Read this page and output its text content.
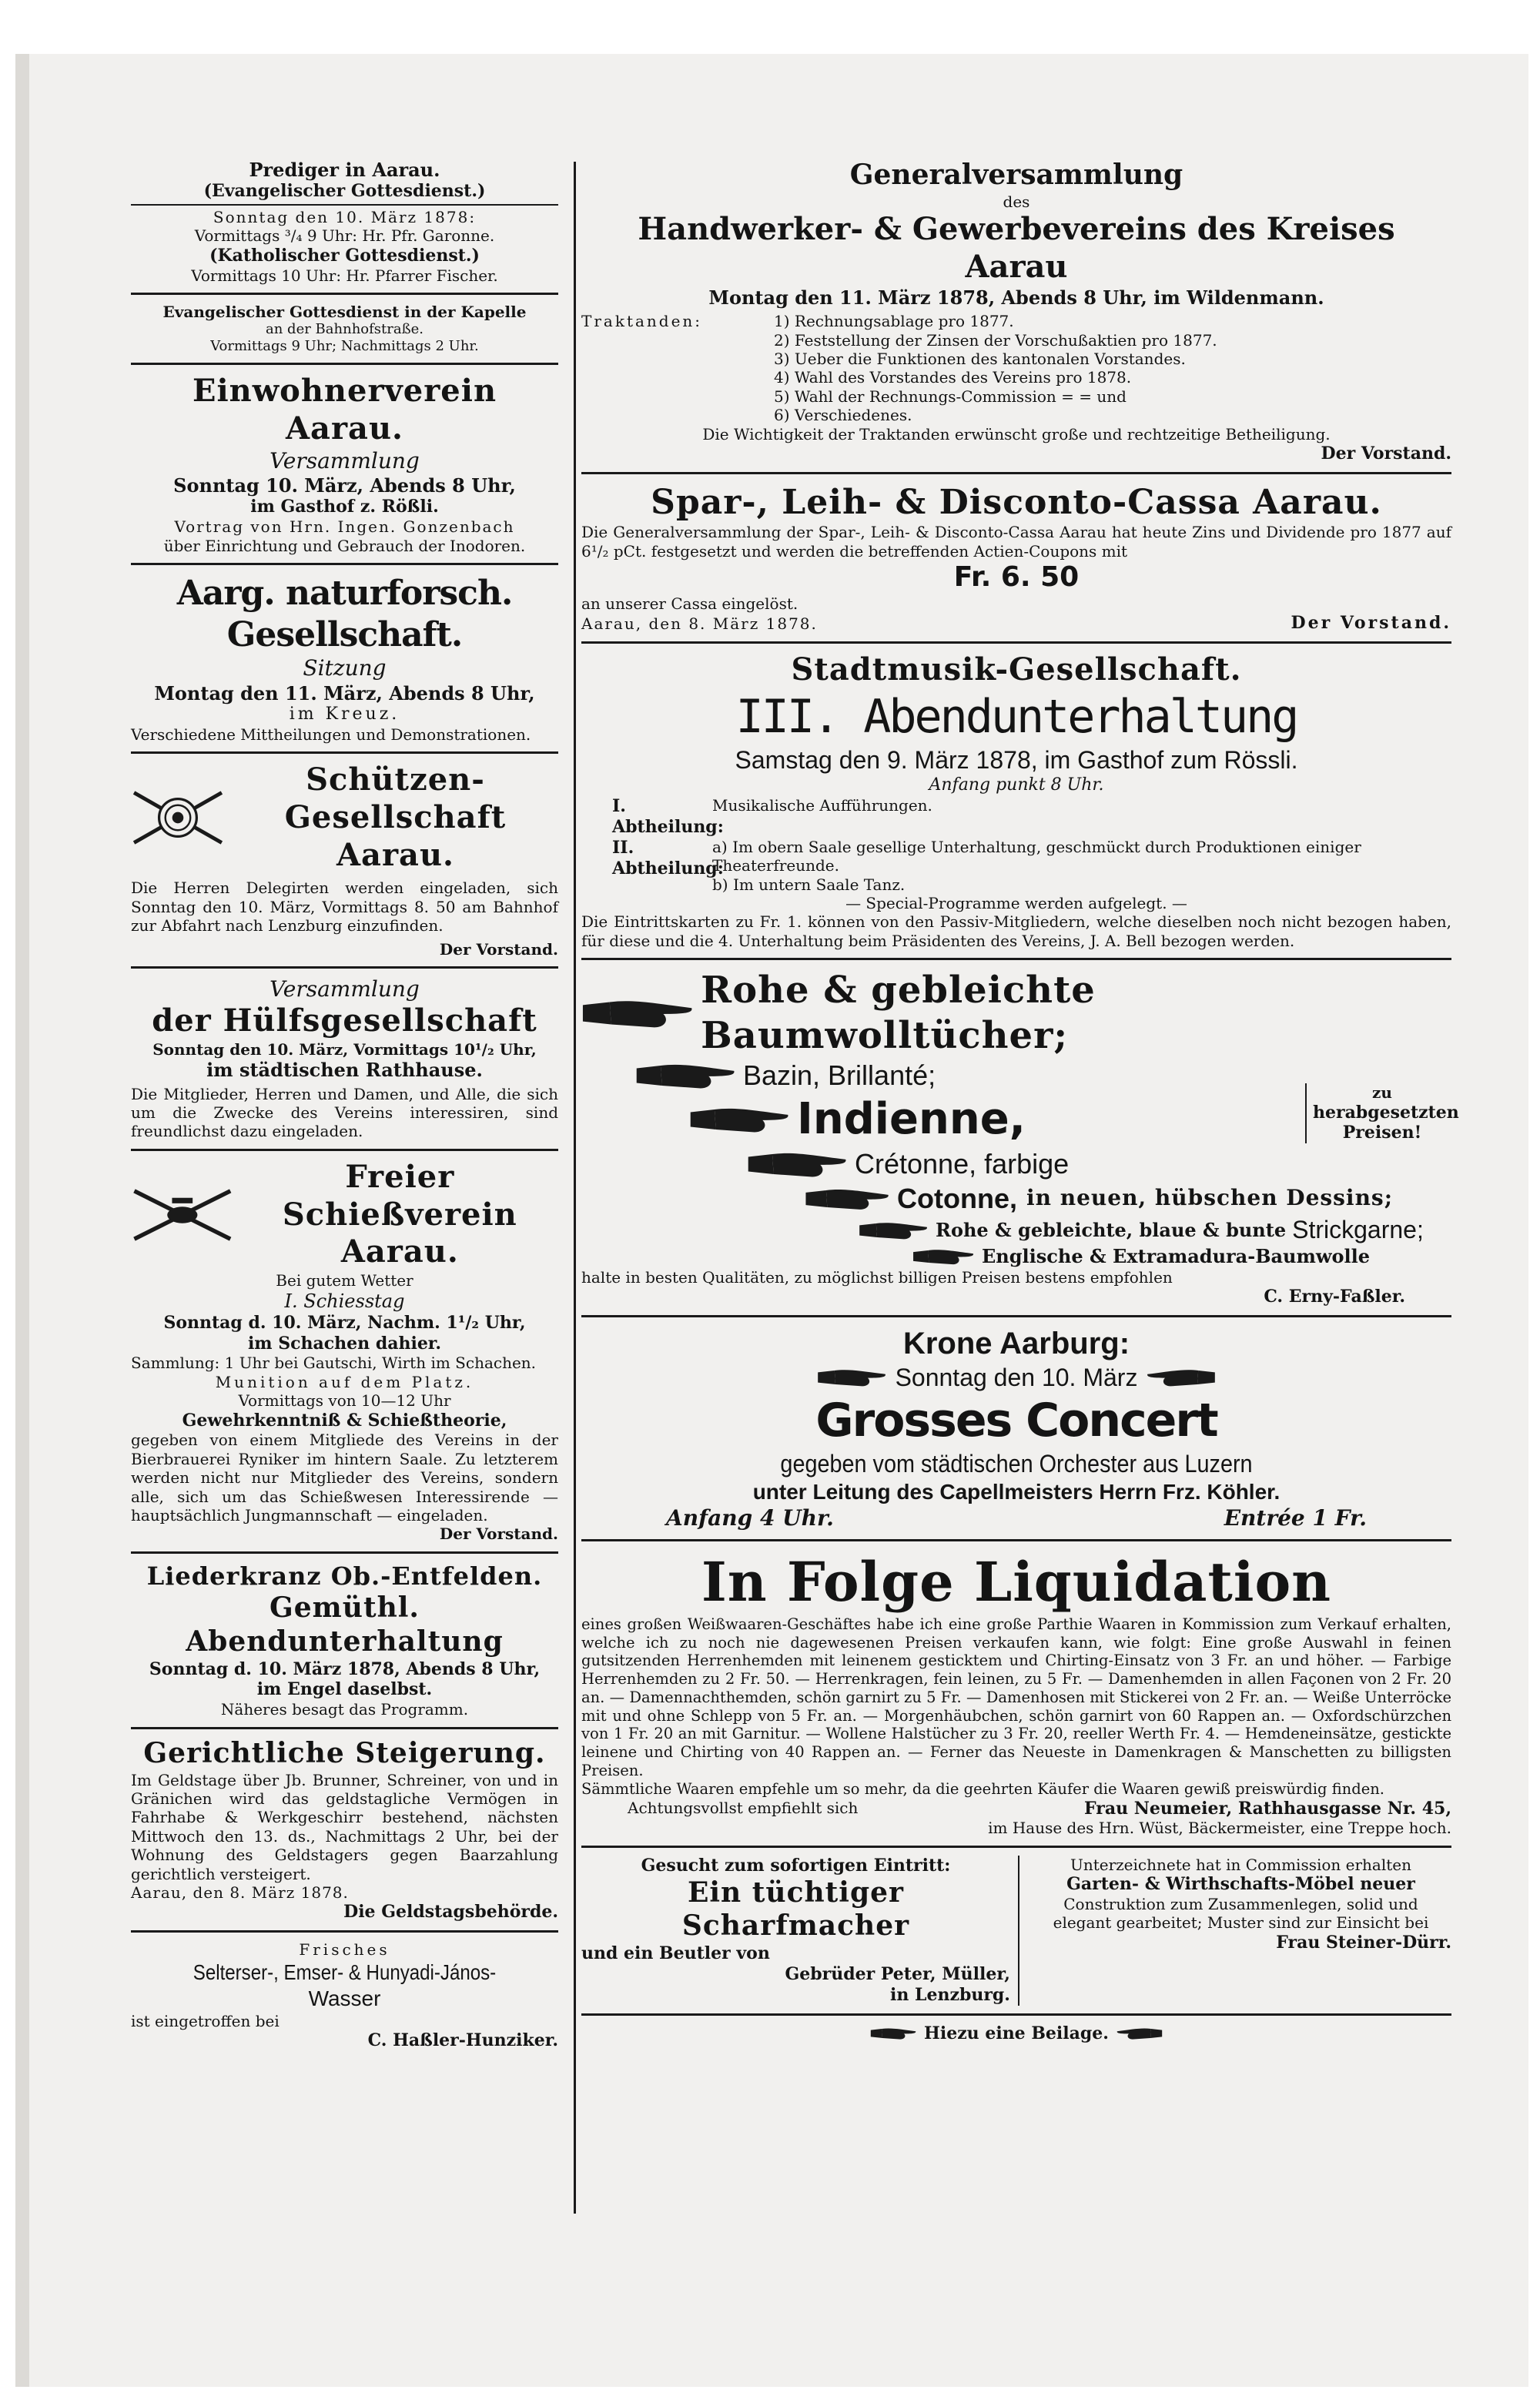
Prediger in Aarau.
(Evangelischer Gottesdienst.)
Sonntag den 10. März 1878:
Vormittags ³/₄ 9 Uhr: Hr. Pfr. Garonne.
(Katholischer Gottesdienst.)
Vormittags 10 Uhr: Hr. Pfarrer Fischer.
Evangelischer Gottesdienst in der Kapelle
an der Bahnhofstraße.
Vormittags 9 Uhr; Nachmittags 2 Uhr.
Einwohnerverein Aarau.
Versammlung
Sonntag 10. März, Abends 8 Uhr,
im Gasthof z. Rößli.
Vortrag von Hrn. Ingen. Gonzenbach
über Einrichtung und Gebrauch der Inodoren.
Aarg. naturforsch. Gesellschaft.
Sitzung
Montag den 11. März, Abends 8 Uhr,
im Kreuz.
Verschiedene Mittheilungen und Demonstrationen.
Schützen-Gesellschaft
Aarau.
Die Herren Delegirten werden eingeladen, sich Sonntag den 10. März, Vormittags 8. 50 am Bahnhof zur Abfahrt nach Lenzburg einzufinden.
Der Vorstand.
Versammlung
der Hülfsgesellschaft
Sonntag den 10. März, Vormittags 10¹/₂ Uhr,
im städtischen Rathhause.
Die Mitglieder, Herren und Damen, und Alle, die sich um die Zwecke des Vereins interessiren, sind freundlichst dazu eingeladen.
Freier Schießverein
Aarau.
Bei gutem Wetter
I. Schiesstag
Sonntag d. 10. März, Nachm. 1¹/₂ Uhr,
im Schachen dahier.
Sammlung: 1 Uhr bei Gautschi, Wirth im Schachen.
Munition auf dem Platz.
Vormittags von 10—12 Uhr
Gewehrkenntniß & Schießtheorie,
gegeben von einem Mitgliede des Vereins in der Bierbrauerei Ryniker im hintern Saale. Zu letzterem werden nicht nur Mitglieder des Vereins, sondern alle, sich um das Schießwesen Interessirende — hauptsächlich Jungmannschaft — eingeladen.
Der Vorstand.
Liederkranz Ob.-Entfelden.
Gemüthl. Abendunterhaltung
Sonntag d. 10. März 1878, Abends 8 Uhr,
im Engel daselbst.
Näheres besagt das Programm.
Gerichtliche Steigerung.
Im Geldstage über Jb. Brunner, Schreiner, von und in Gränichen wird das geldstagliche Vermögen in Fahrhabe & Werkgeschirr bestehend, nächsten Mittwoch den 13. ds., Nachmittags 2 Uhr, bei der Wohnung des Geldstagers gegen Baarzahlung gerichtlich versteigert.
Aarau, den 8. März 1878.
Die Geldstagsbehörde.
Frisches
Selterser-, Emser- & Hunyadi-János-
Wasser
ist eingetroffen bei
C. Haßler-Hunziker.
Generalversammlung
des
Handwerker- & Gewerbevereins des Kreises Aarau
Montag den 11. März 1878, Abends 8 Uhr, im Wildenmann.
Traktanden:	1) Rechnungsablage pro 1877.
2) Feststellung der Zinsen der Vorschußaktien pro 1877.
3) Ueber die Funktionen des kantonalen Vorstandes.
4) Wahl des Vorstandes des Vereins pro 1878.
5) Wahl der Rechnungs-Commission = = und
6) Verschiedenes.
Die Wichtigkeit der Traktanden erwünscht große und rechtzeitige Betheiligung.
Der Vorstand.
Spar-, Leih- & Disconto-Cassa Aarau.
Die Generalversammlung der Spar-, Leih- & Disconto-Cassa Aarau hat heute Zins und Dividende pro 1877 auf 6¹/₂ pCt. festgesetzt und werden die betreffenden Actien-Coupons mit
Fr. 6. 50
an unserer Cassa eingelöst.
Aarau, den 8. März 1878.	Der Vorstand.
Stadtmusik-Gesellschaft.
III. Abendunterhaltung
Samstag den 9. März 1878, im Gasthof zum Rössli.
Anfang punkt 8 Uhr.
I. Abtheilung:
Musikalische Aufführungen.
II. Abtheilung:
a) Im obern Saale gesellige Unterhaltung, geschmückt durch Produktionen einiger Theaterfreunde.
b) Im untern Saale Tanz.
— Special-Programme werden aufgelegt. —
Die Eintrittskarten zu Fr. 1. können von den Passiv-Mitgliedern, welche dieselben noch nicht bezogen haben, für diese und die 4. Unterhaltung beim Präsidenten des Vereins, J. A. Bell bezogen werden.
Rohe & gebleichte Baumwolltücher;
Bazin, Brillanté;
Indienne,
Crétonne, farbige
Cotonne, in neuen, hübschen Dessins;
Rohe & gebleichte, blaue & bunte Strickgarne;
Englische & Extramadura-Baumwolle
zu
herabgesetzten
Preisen!
halte in besten Qualitäten, zu möglichst billigen Preisen bestens empfohlen
C. Erny-Faßler.
Krone Aarburg:
Sonntag den 10. März
Grosses Concert
gegeben vom städtischen Orchester aus Luzern
unter Leitung des Capellmeisters Herrn Frz. Köhler.
Anfang 4 Uhr.	Entrée 1 Fr.
In Folge Liquidation
eines großen Weißwaaren-Geschäftes habe ich eine große Parthie Waaren in Kommission zum Verkauf erhalten, welche ich zu noch nie dagewesenen Preisen verkaufen kann, wie folgt: Eine große Auswahl in feinen gutsitzenden Herrenhemden mit leinenem gesticktem und Chirting-Einsatz von 3 Fr. an und höher. — Farbige Herrenhemden zu 2 Fr. 50. — Herrenkragen, fein leinen, zu 5 Fr. — Damenhemden in allen Façonen von 2 Fr. 20 an. — Damennachthemden, schön garnirt zu 5 Fr. — Damenhosen mit Stickerei von 2 Fr. an. — Weiße Unterröcke mit und ohne Schlepp von 5 Fr. an. — Morgenhäubchen, schön garnirt von 60 Rappen an. — Oxfordschürzchen von 1 Fr. 20 an mit Garnitur. — Wollene Halstücher zu 3 Fr. 20, reeller Werth Fr. 4. — Hemdeneinsätze, gestickte leinene und Chirting von 40 Rappen an. — Ferner das Neueste in Damenkragen & Manschetten zu billigsten Preisen.
Sämmtliche Waaren empfehle um so mehr, da die geehrten Käufer die Waaren gewiß preiswürdig finden.
Achtungsvollst empfiehlt sich	Frau Neumeier, Rathhausgasse Nr. 45,
im Hause des Hrn. Wüst, Bäckermeister, eine Treppe hoch.
Gesucht zum sofortigen Eintritt:
Ein tüchtiger Scharfmacher
und ein Beutler von
Gebrüder Peter, Müller,
in Lenzburg.
Unterzeichnete hat in Commission erhalten
Garten- & Wirthschafts-Möbel neuer
Construktion zum Zusammenlegen, solid und
elegant gearbeitet; Muster sind zur Einsicht bei
Frau Steiner-Dürr.
Hiezu eine Beilage.
